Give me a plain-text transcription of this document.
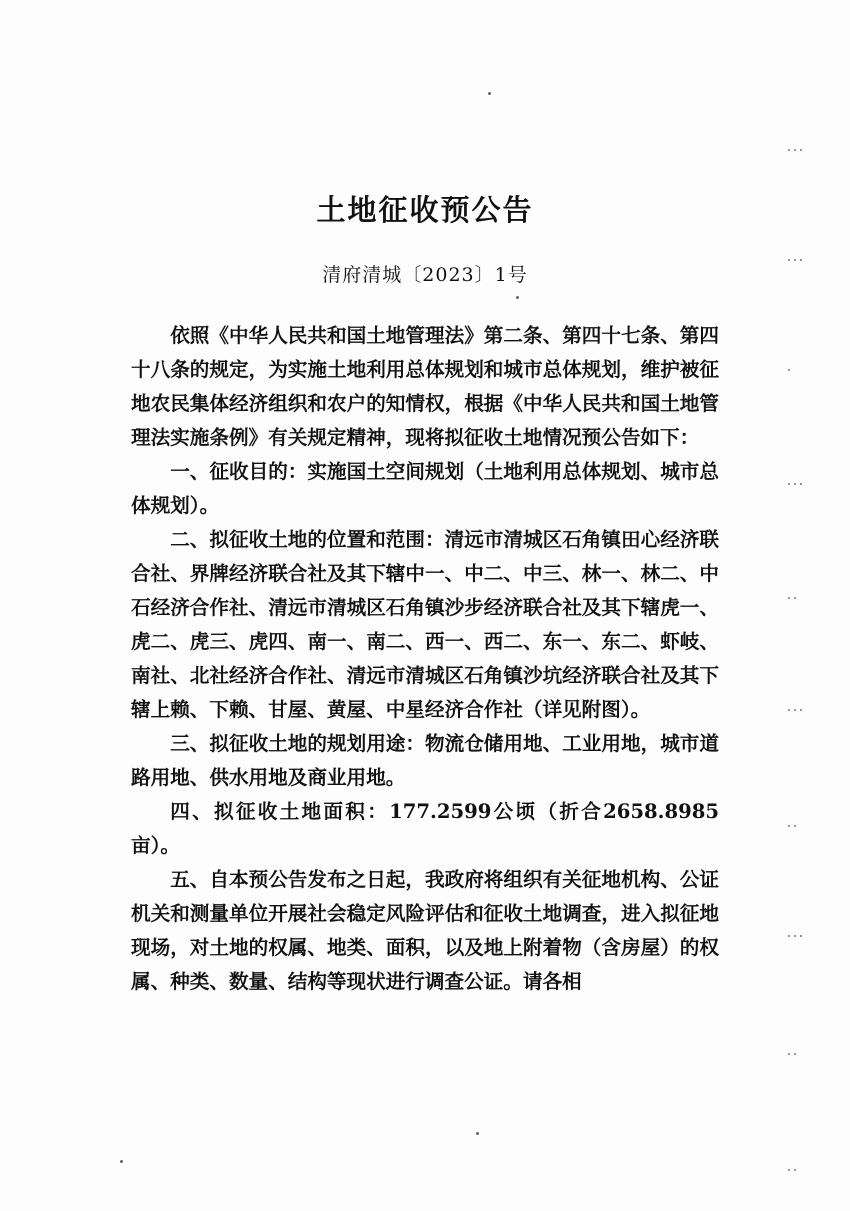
土地征收预公告
清府清城〔2023〕1号

依照《中华人民共和国土地管理法》第二条、第四十七条、第四十八条的规定，为实施土地利用总体规划和城市总体规划，维护被征地农民集体经济组织和农户的知情权，根据《中华人民共和国土地管理法实施条例》有关规定精神，现将拟征收土地情况预公告如下：

一、征收目的：实施国土空间规划（土地利用总体规划、城市总体规划）。

二、拟征收土地的位置和范围：清远市清城区石角镇田心经济联合社、界牌经济联合社及其下辖中一、中二、中三、林一、林二、中石经济合作社、清远市清城区石角镇沙步经济联合社及其下辖虎一、虎二、虎三、虎四、南一、南二、西一、西二、东一、东二、虾岐、南社、北社经济合作社、清远市清城区石角镇沙坑经济联合社及其下辖上赖、下赖、甘屋、黄屋、中星经济合作社（详见附图）。

三、拟征收土地的规划用途：物流仓储用地、工业用地，城市道路用地、供水用地及商业用地。

四、拟征收土地面积：177.2599公顷（折合2658.8985亩）。

五、自本预公告发布之日起，我政府将组织有关征地机构、公证机关和测量单位开展社会稳定风险评估和征收土地调查，进入拟征地现场，对土地的权属、地类、面积，以及地上附着物（含房屋）的权属、种类、数量、结构等现状进行调查公证。请各相
